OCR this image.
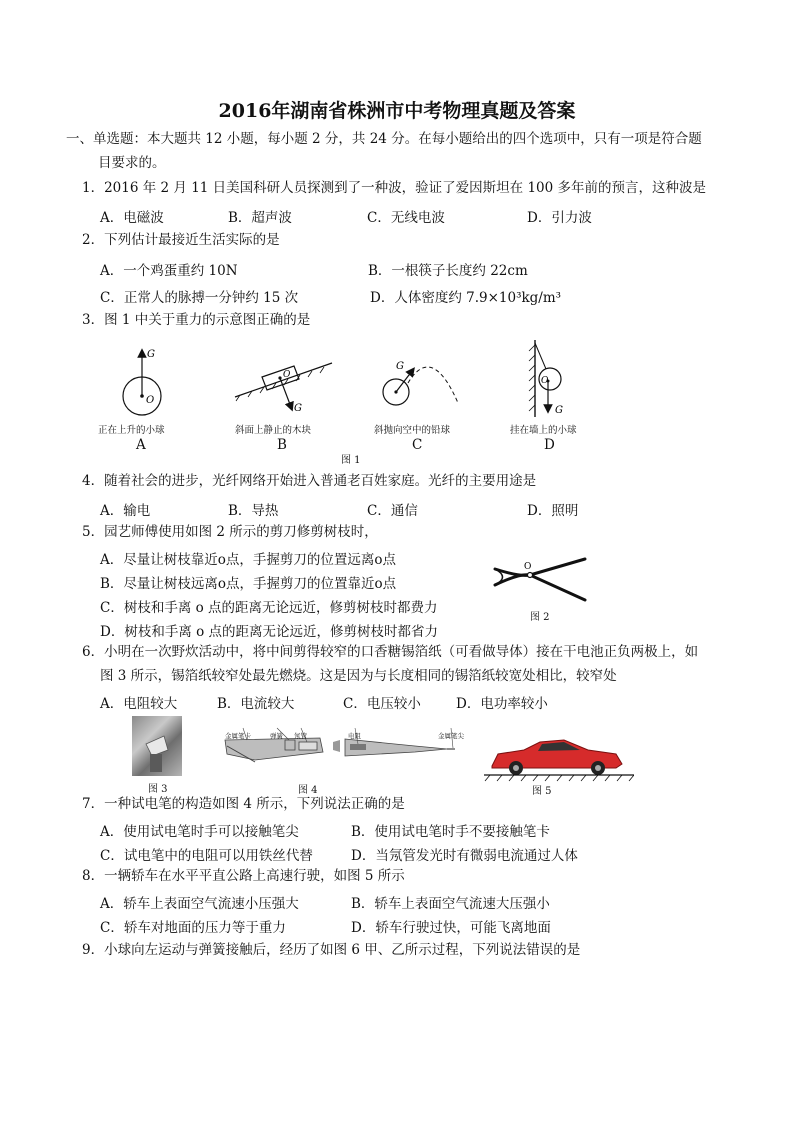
2016年湖南省株洲市中考物理真题及答案
一、单选题：本大题共 12 小题，每小题 2 分，共 24 分。在每小题给出的四个选项中，只有一项是符合题
目要求的。
1．2016 年 2 月 11 日美国科研人员探测到了一种波，验证了爱因斯坦在 100 多年前的预言，这种波是
A．电磁波	B．超声波	C．无线电波	D．引力波
2．下列估计最接近生活实际的是
A．一个鸡蛋重约 10N	B．一根筷子长度约 22cm
C．正常人的脉搏一分钟约 15 次	D．人体密度约 7.9×10³kg/m³
3．图 1 中关于重力的示意图正确的是
G
O
O
G
G
O
G
正在上升的小球	斜面上静止的木块	斜抛向空中的铅球	挂在墙上的小球
A	B	C	D
图 1
4．随着社会的进步，光纤网络开始进入普通老百姓家庭。光纤的主要用途是
A．输电	B．导热	C．通信	D．照明
5．园艺师傅使用如图 2 所示的剪刀修剪树枝时，
A．尽量让树枝靠近o点，手握剪刀的位置远离o点
B．尽量让树枝远离o点，手握剪刀的位置靠近o点
C．树枝和手离 o 点的距离无论远近，修剪树枝时都费力
D．树枝和手离 o 点的距离无论远近，修剪树枝时都省力
O
图 2
6．小明在一次野炊活动中，将中间剪得较窄的口香糖锡箔纸（可看做导体）接在干电池正负两极上，如
图 3 所示，锡箔纸较窄处最先燃烧。这是因为与长度相同的锡箔纸较宽处相比，较窄处
A．电阻较大	B．电流较大	C．电压较小	D．电功率较小
图 3
金属笔卡	弹簧 氖管	电阻	金属笔尖
图 4	图 5
7．一种试电笔的构造如图 4 所示，下列说法正确的是
A．使用试电笔时手可以接触笔尖	B．使用试电笔时手不要接触笔卡
C．试电笔中的电阻可以用铁丝代替	D．当氖管发光时有微弱电流通过人体
8．一辆轿车在水平平直公路上高速行驶，如图 5 所示
A．轿车上表面空气流速小压强大	B．轿车上表面空气流速大压强小
C．轿车对地面的压力等于重力	D．轿车行驶过快，可能飞离地面
9．小球向左运动与弹簧接触后，经历了如图 6 甲、乙所示过程，下列说法错误的是
